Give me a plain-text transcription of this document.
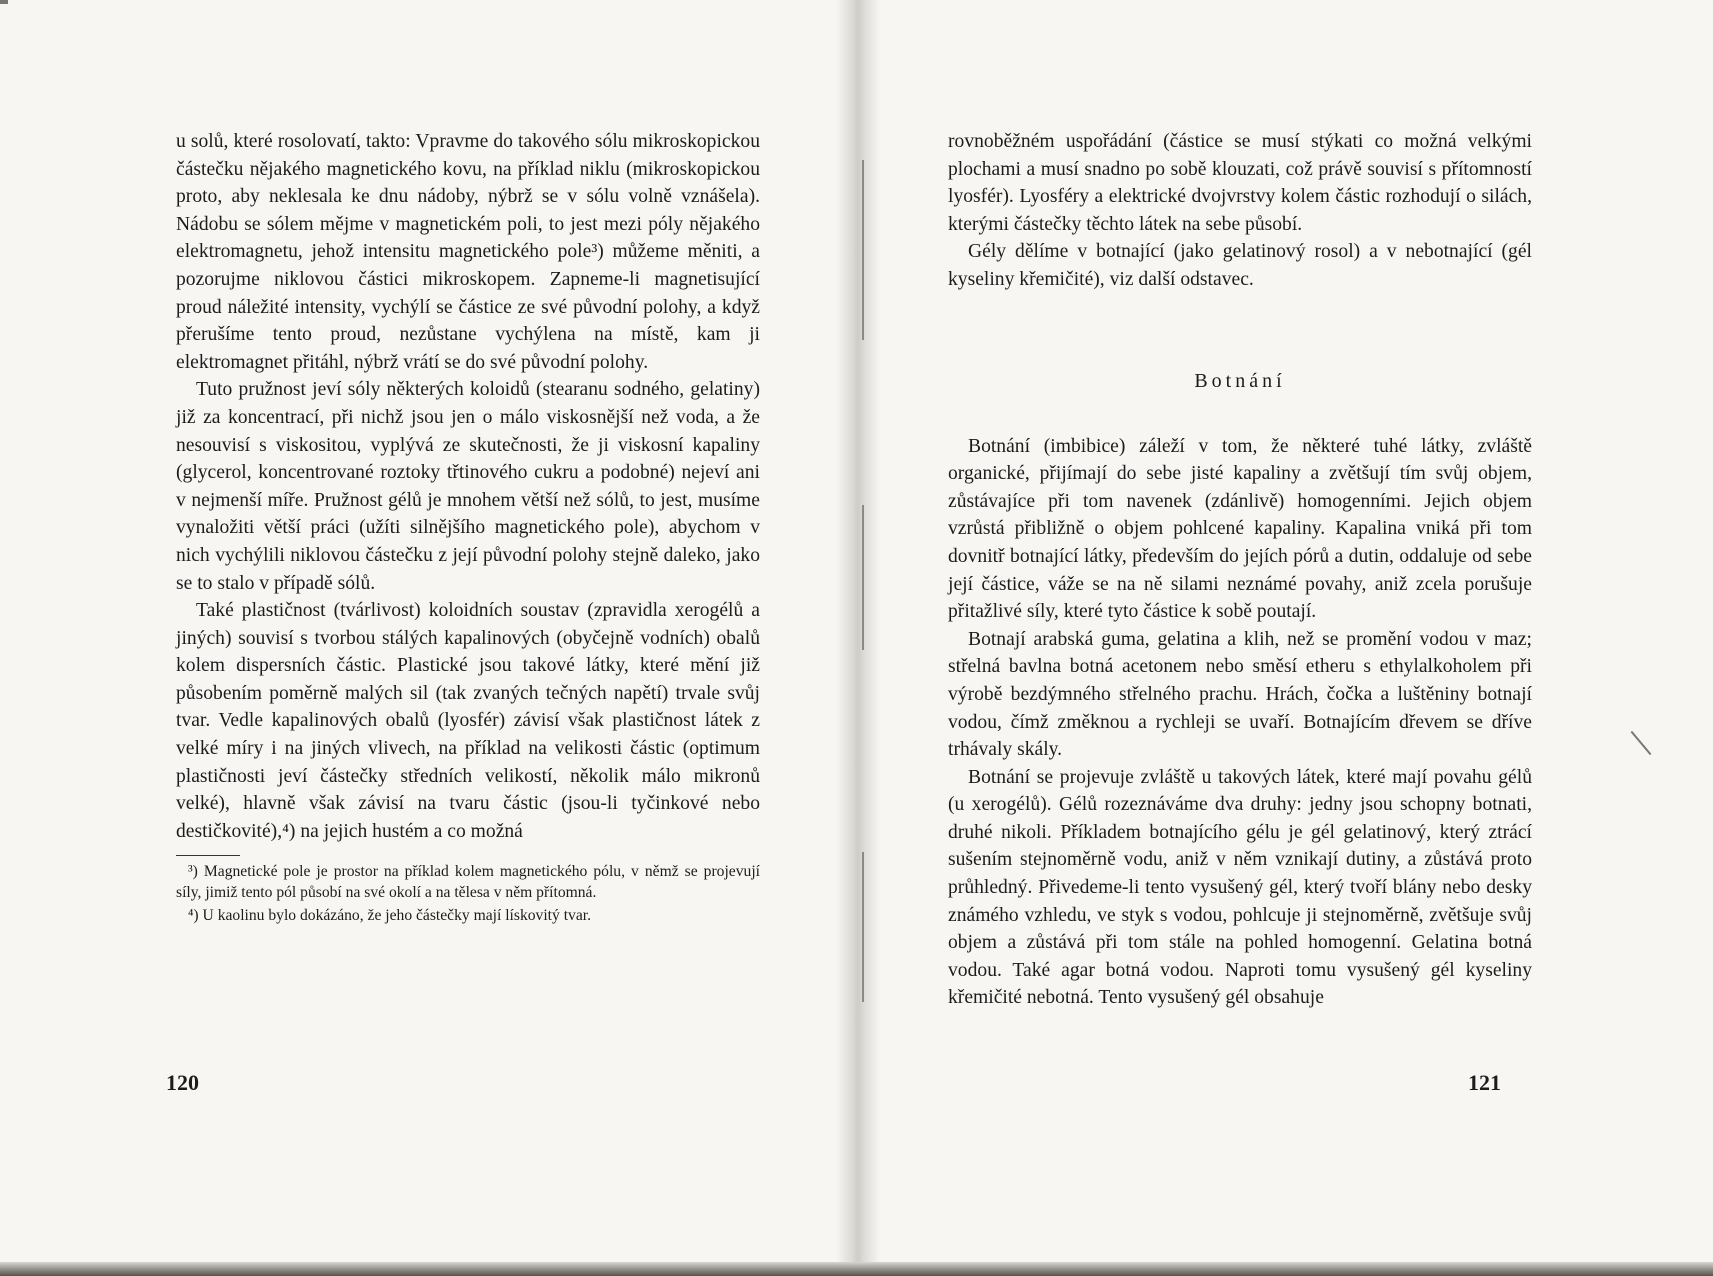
u solů, které rosolovatí, takto: Vpravme do takového sólu mikroskopickou částečku nějakého magnetického kovu, na příklad niklu (mikroskopickou proto, aby neklesala ke dnu nádoby, nýbrž se v sólu volně vznášela). Nádobu se sólem mějme v magnetickém poli, to jest mezi póly nějakého elektromagnetu, jehož intensitu magnetického pole³) můžeme měniti, a pozorujme niklovou částici mikroskopem. Zapneme-li magnetisující proud náležité intensity, vychýlí se částice ze své původní polohy, a když přerušíme tento proud, nezůstane vychýlena na místě, kam ji elektromagnet přitáhl, nýbrž vrátí se do své původní polohy.

Tuto pružnost jeví sóly některých koloidů (stearanu sodného, gelatiny) již za koncentrací, při nichž jsou jen o málo viskosnější než voda, a že nesouvisí s viskositou, vyplývá ze skutečnosti, že ji viskosní kapaliny (glycerol, koncentrované roztoky třtinového cukru a podobné) nejeví ani v nejmenší míře. Pružnost gélů je mnohem větší než sólů, to jest, musíme vynaložiti větší práci (užíti silnějšího magnetického pole), abychom v nich vychýlili niklovou částečku z její původní polohy stejně daleko, jako se to stalo v případě sólů.

Také plastičnost (tvárlivost) koloidních soustav (zpravidla xerogélů a jiných) souvisí s tvorbou stálých kapalinových (obyčejně vodních) obalů kolem dispersních částic. Plastické jsou takové látky, které mění již působením poměrně malých sil (tak zvaných tečných napětí) trvale svůj tvar. Vedle kapalinových obalů (lyosfér) závisí však plastičnost látek z velké míry i na jiných vlivech, na příklad na velikosti částic (optimum plastičnosti jeví částečky středních velikostí, několik málo mikronů velké), hlavně však závisí na tvaru částic (jsou-li tyčinkové nebo destičkovité),⁴) na jejich hustém a co možná

³) Magnetické pole je prostor na příklad kolem magnetického pólu, v němž se projevují síly, jimiž tento pól působí na své okolí a na tělesa v něm přítomná.

⁴) U kaolinu bylo dokázáno, že jeho částečky mají lískovitý tvar.

120

rovnoběžném uspořádání (částice se musí stýkati co možná velkými plochami a musí snadno po sobě klouzati, což právě souvisí s přítomností lyosfér). Lyosféry a elektrické dvojvrstvy kolem částic rozhodují o silách, kterými částečky těchto látek na sebe působí.

Gély dělíme v botnající (jako gelatinový rosol) a v nebotnající (gél kyseliny křemičité), viz další odstavec.

Botnání

Botnání (imbibice) záleží v tom, že některé tuhé látky, zvláště organické, přijímají do sebe jisté kapaliny a zvětšují tím svůj objem, zůstávajíce při tom navenek (zdánlivě) homogenními. Jejich objem vzrůstá přibližně o objem pohlcené kapaliny. Kapalina vniká při tom dovnitř botnající látky, především do jejích pórů a dutin, oddaluje od sebe její částice, váže se na ně silami neznámé povahy, aniž zcela porušuje přitažlivé síly, které tyto částice k sobě poutají.

Botnají arabská guma, gelatina a klih, než se promění vodou v maz; střelná bavlna botná acetonem nebo směsí etheru s ethylalkoholem při výrobě bezdýmného střelného prachu. Hrách, čočka a luštěniny botnají vodou, čímž změknou a rychleji se uvaří. Botnajícím dřevem se dříve trhávaly skály.

Botnání se projevuje zvláště u takových látek, které mají povahu gélů (u xerogélů). Gélů rozeznáváme dva druhy: jedny jsou schopny botnati, druhé nikoli. Příkladem botnajícího gélu je gél gelatinový, který ztrácí sušením stejnoměrně vodu, aniž v něm vznikají dutiny, a zůstává proto průhledný. Přivedeme-li tento vysušený gél, který tvoří blány nebo desky známého vzhledu, ve styk s vodou, pohlcuje ji stejnoměrně, zvětšuje svůj objem a zůstává při tom stále na pohled homogenní. Gelatina botná vodou. Také agar botná vodou. Naproti tomu vysušený gél kyseliny křemičité nebotná. Tento vysušený gél obsahuje

121
